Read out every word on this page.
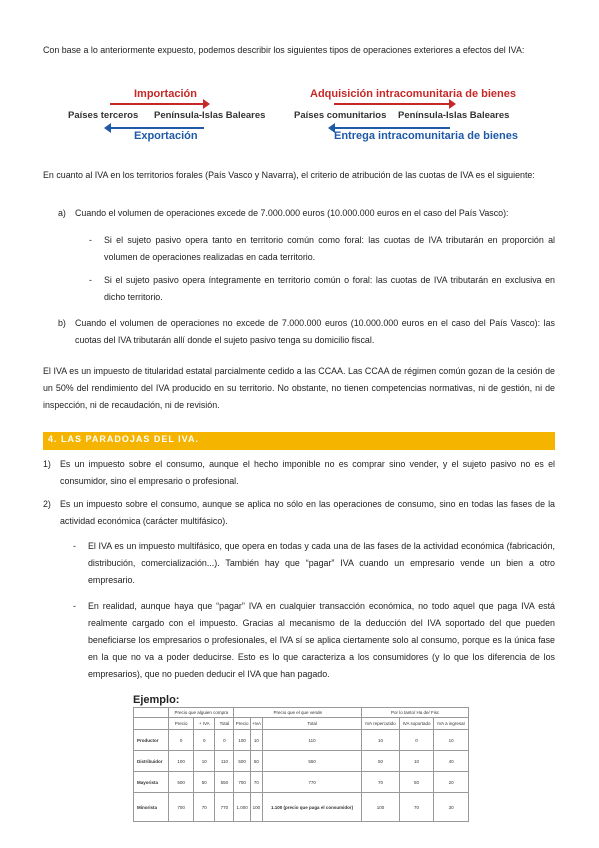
Con base a lo anteriormente expuesto, podemos describir los siguientes tipos de operaciones exteriores a efectos del IVA:

Importación
Países terceros Península-Islas Baleares
Exportación
Adquisición intracomunitaria de bienes
Países comunitarios Península-Islas Baleares
Entrega intracomunitaria de bienes

En cuanto al IVA en los territorios forales (País Vasco y Navarra), el criterio de atribución de las cuotas de IVA es el siguiente:

a) Cuando el volumen de operaciones excede de 7.000.000 euros (10.000.000 euros en el caso del País Vasco):

- Si el sujeto pasivo opera tanto en territorio común como foral: las cuotas de IVA tributarán en proporción al volumen de operaciones realizadas en cada territorio.

- Si el sujeto pasivo opera íntegramente en territorio común o foral: las cuotas de IVA tributarán en exclusiva en dicho territorio.

b) Cuando el volumen de operaciones no excede de 7.000.000 euros (10.000.000 euros en el caso del País Vasco): las cuotas del IVA tributarán allí donde el sujeto pasivo tenga su domicilio fiscal.

El IVA es un impuesto de titularidad estatal parcialmente cedido a las CCAA. Las CCAA de régimen común gozan de la cesión de un 50% del rendimiento del IVA producido en su territorio. No obstante, no tienen competencias normativas, ni de gestión, ni de inspección, ni de recaudación, ni de revisión.

4. LAS PARADOJAS DEL IVA.
1) Es un impuesto sobre el consumo, aunque el hecho imponible no es comprar sino vender, y el sujeto pasivo no es el consumidor, sino el empresario o profesional.

2) Es un impuesto sobre el consumo, aunque se aplica no sólo en las operaciones de consumo, sino en todas las fases de la actividad económica (carácter multifásico).

- El IVA es un impuesto multifásico, que opera en todas y cada una de las fases de la actividad económica (fabricación, distribución, comercialización...). También hay que “pagar” IVA cuando un empresario vende un bien a otro empresario.

- En realidad, aunque haya que “pagar” IVA en cualquier transacción económica, no todo aquel que paga IVA está realmente cargado con el impuesto. Gracias al mecanismo de la deducción del IVA soportado del que pueden beneficiarse los empresarios o profesionales, el IVA sí se aplica ciertamente solo al consumo, porque es la única fase en la que no va a poder deducirse. Esto es lo que caracteriza a los consumidores (y lo que los diferencia de los empresarios), que no pueden deducir el IVA que han pagado.

Ejemplo:
	Precio que alguien compra			Precio que el que vende			Por lo tanto/ Ha de/ Fisc		
	Precio	+ IVA	Total	Precio	+IvA	Total	IVA repercutido	IVA soportado	IVA a ingresar
Productor	0	0	0	100	10	110	10	0	10
Distribuidor	100	10	110	500	50	550	50	10	40
Mayorista	500	50	550	700	70	770	70	50	20
Minorista	700	70	770	1.000	100	1.100 (precio que paga el consumidor)	100	70	30
